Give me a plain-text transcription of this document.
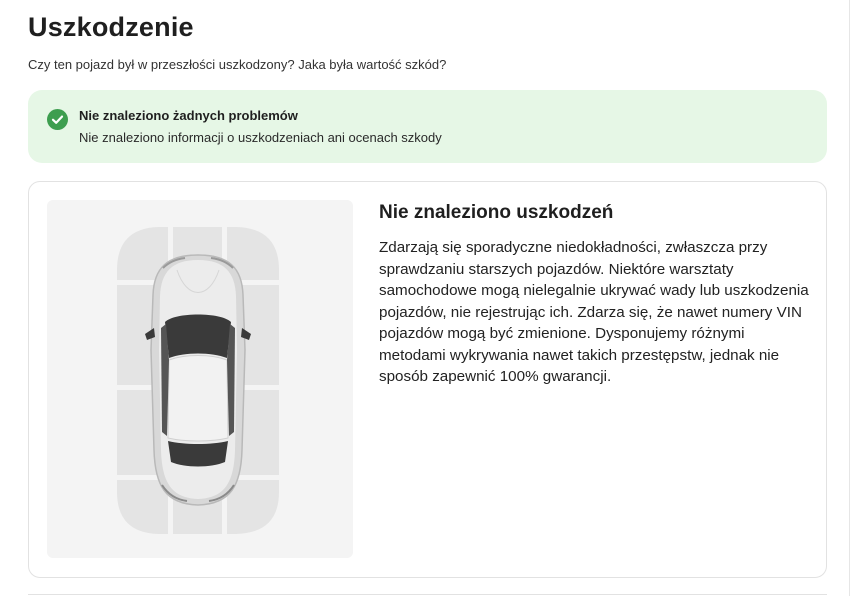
Uszkodzenie
Czy ten pojazd był w przeszłości uszkodzony? Jaka była wartość szkód?
Nie znaleziono żadnych problemów
Nie znaleziono informacji o uszkodzeniach ani ocenach szkody
Nie znaleziono uszkodzeń
Zdarzają się sporadyczne niedokładności, zwłaszcza przy sprawdzaniu starszych pojazdów. Niektóre warsztaty samochodowe mogą nielegalnie ukrywać wady lub uszkodzenia pojazdów, nie rejestrując ich. Zdarza się, że nawet numery VIN pojazdów mogą być zmienione. Dysponujemy różnymi metodami wykrywania nawet takich przestępstw, jednak nie sposób zapewnić 100% gwarancji.
